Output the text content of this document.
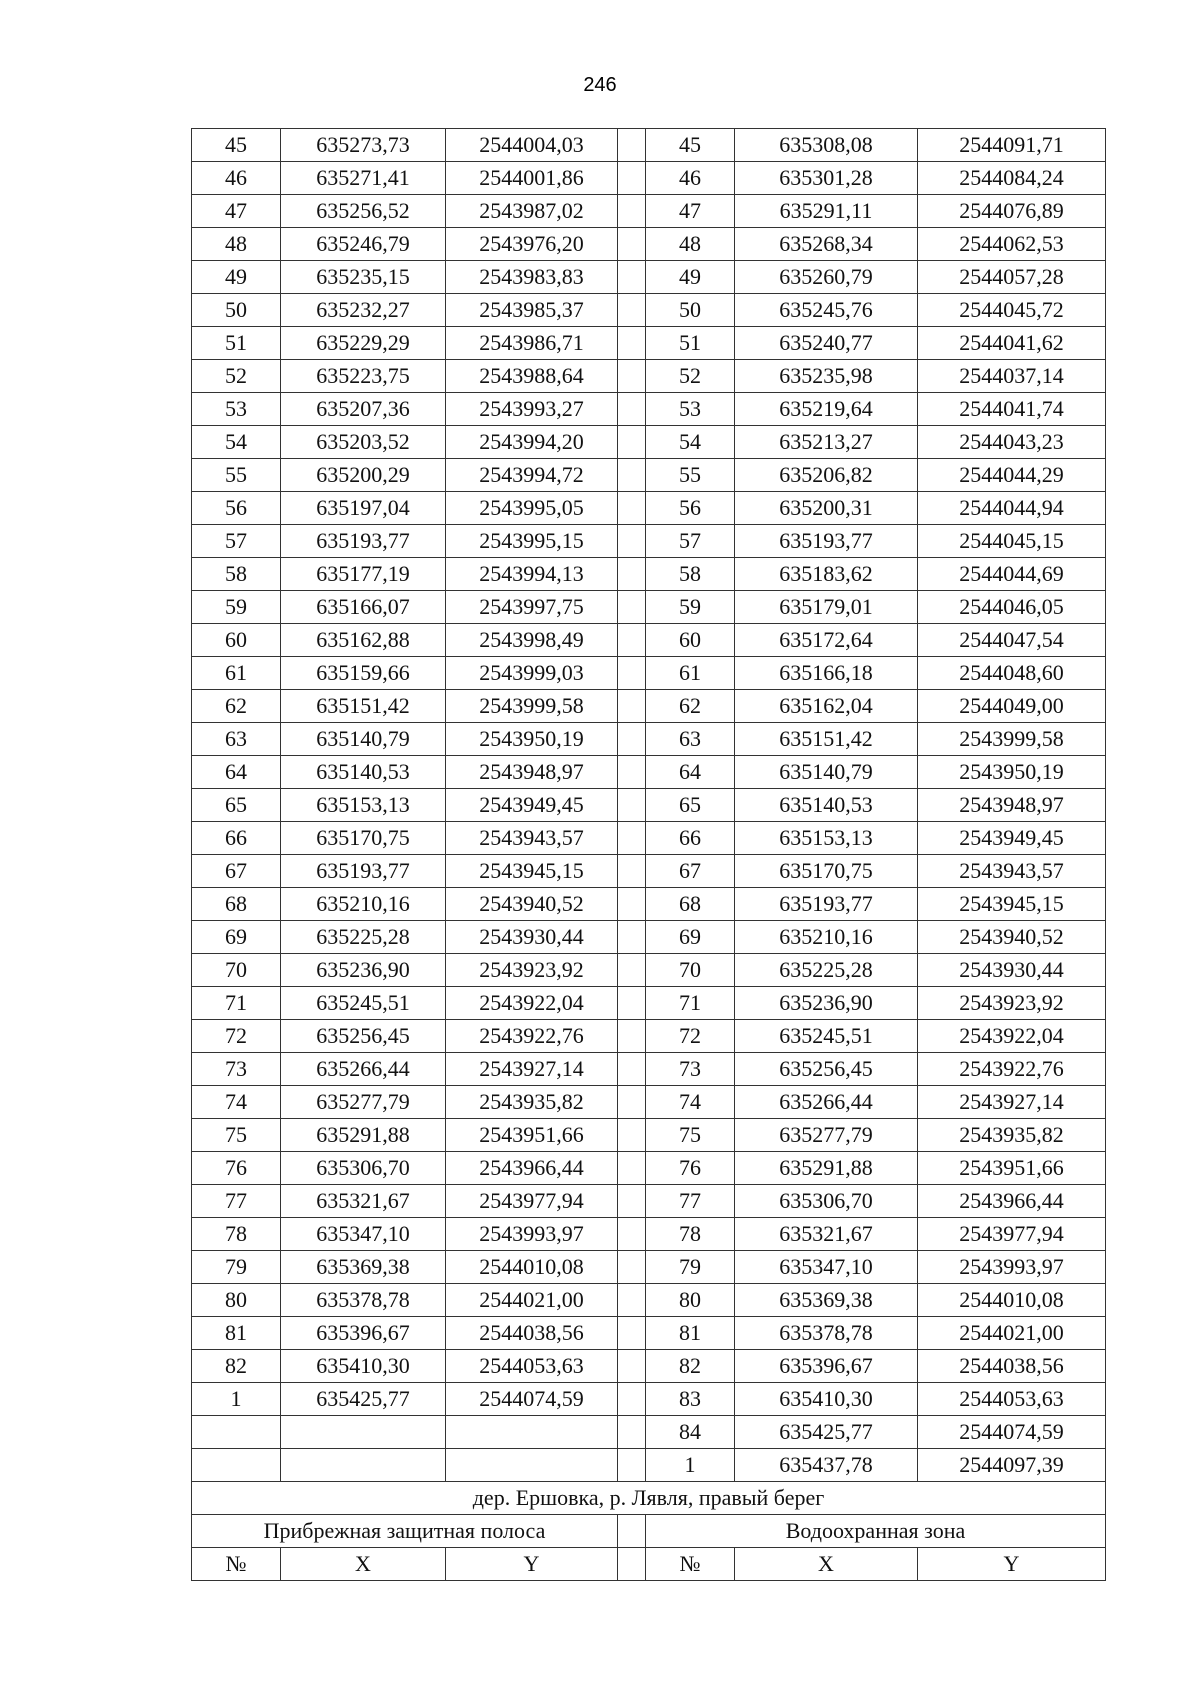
246
45	635273,73	2544004,03		45	635308,08	2544091,71
46	635271,41	2544001,86		46	635301,28	2544084,24
47	635256,52	2543987,02		47	635291,11	2544076,89
48	635246,79	2543976,20		48	635268,34	2544062,53
49	635235,15	2543983,83		49	635260,79	2544057,28
50	635232,27	2543985,37		50	635245,76	2544045,72
51	635229,29	2543986,71		51	635240,77	2544041,62
52	635223,75	2543988,64		52	635235,98	2544037,14
53	635207,36	2543993,27		53	635219,64	2544041,74
54	635203,52	2543994,20		54	635213,27	2544043,23
55	635200,29	2543994,72		55	635206,82	2544044,29
56	635197,04	2543995,05		56	635200,31	2544044,94
57	635193,77	2543995,15		57	635193,77	2544045,15
58	635177,19	2543994,13		58	635183,62	2544044,69
59	635166,07	2543997,75		59	635179,01	2544046,05
60	635162,88	2543998,49		60	635172,64	2544047,54
61	635159,66	2543999,03		61	635166,18	2544048,60
62	635151,42	2543999,58		62	635162,04	2544049,00
63	635140,79	2543950,19		63	635151,42	2543999,58
64	635140,53	2543948,97		64	635140,79	2543950,19
65	635153,13	2543949,45		65	635140,53	2543948,97
66	635170,75	2543943,57		66	635153,13	2543949,45
67	635193,77	2543945,15		67	635170,75	2543943,57
68	635210,16	2543940,52		68	635193,77	2543945,15
69	635225,28	2543930,44		69	635210,16	2543940,52
70	635236,90	2543923,92		70	635225,28	2543930,44
71	635245,51	2543922,04		71	635236,90	2543923,92
72	635256,45	2543922,76		72	635245,51	2543922,04
73	635266,44	2543927,14		73	635256,45	2543922,76
74	635277,79	2543935,82		74	635266,44	2543927,14
75	635291,88	2543951,66		75	635277,79	2543935,82
76	635306,70	2543966,44		76	635291,88	2543951,66
77	635321,67	2543977,94		77	635306,70	2543966,44
78	635347,10	2543993,97		78	635321,67	2543977,94
79	635369,38	2544010,08		79	635347,10	2543993,97
80	635378,78	2544021,00		80	635369,38	2544010,08
81	635396,67	2544038,56		81	635378,78	2544021,00
82	635410,30	2544053,63		82	635396,67	2544038,56
1	635425,77	2544074,59		83	635410,30	2544053,63
				84	635425,77	2544074,59
				1	635437,78	2544097,39
дер. Ершовка, р. Лявля, правый берег						
Прибрежная защитная полоса				Водоохранная зона		
№	X	Y		№	X	Y
